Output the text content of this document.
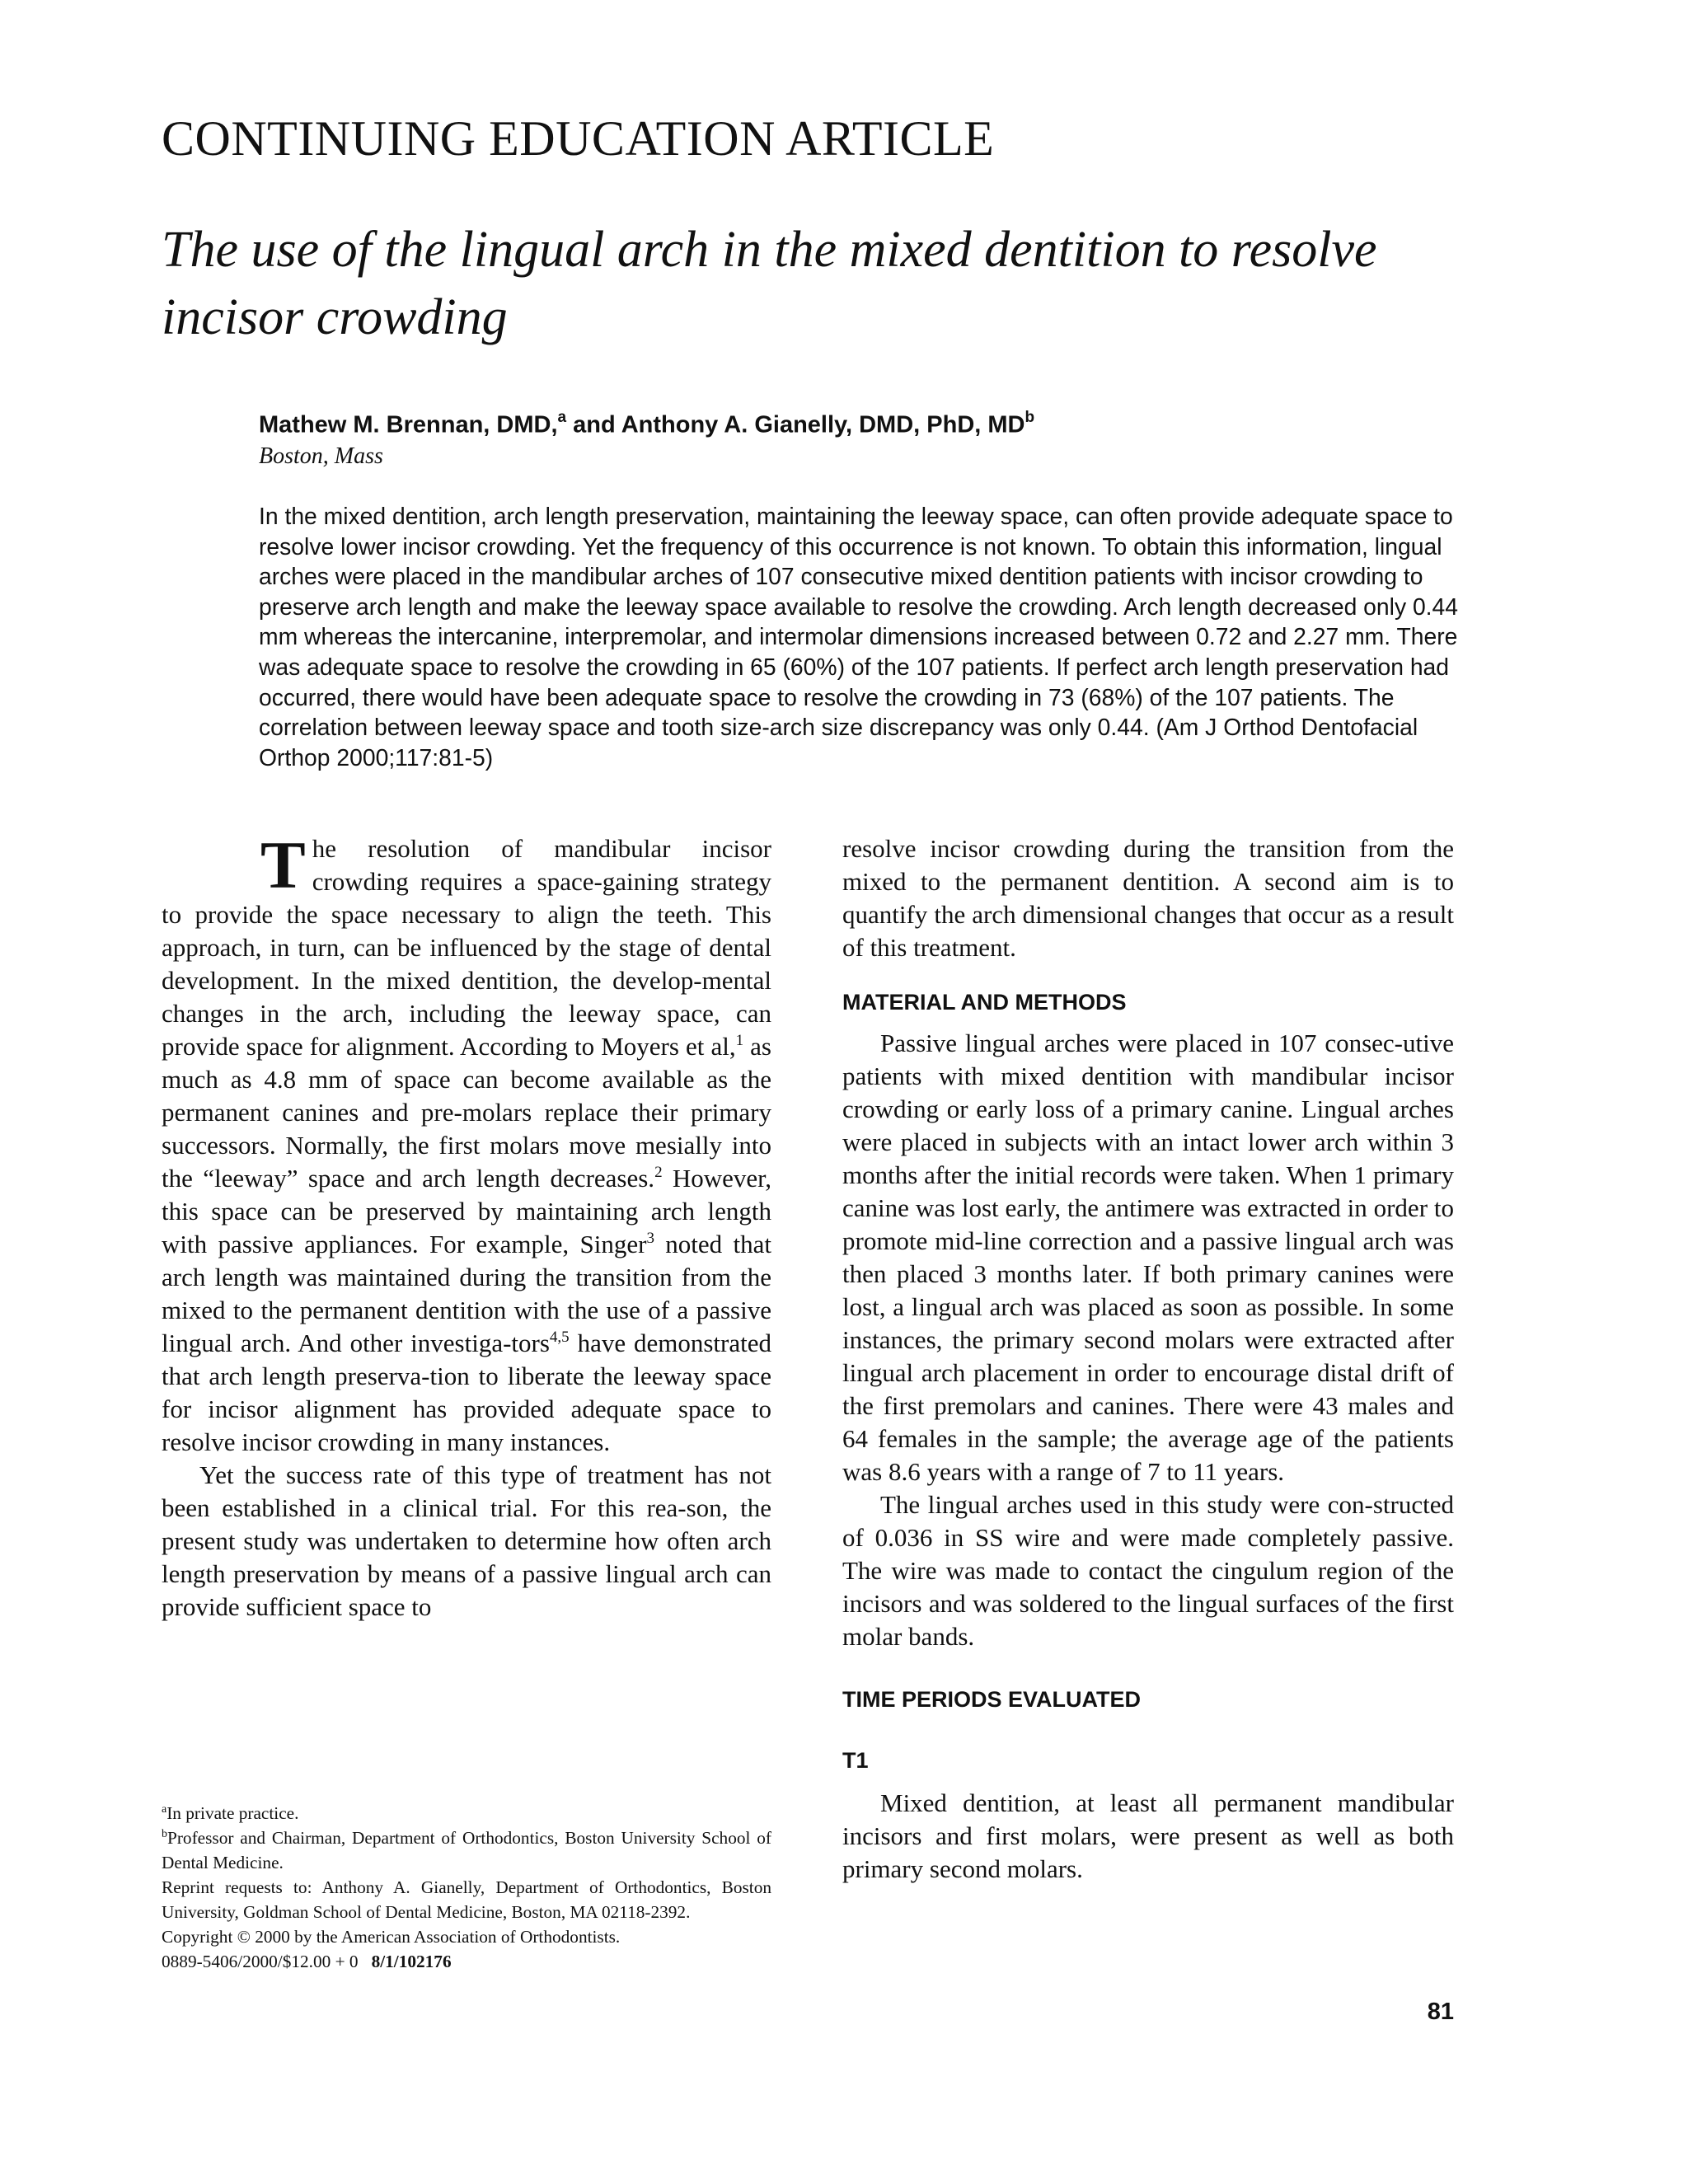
CONTINUING EDUCATION ARTICLE
The use of the lingual arch in the mixed dentition to resolve incisor crowding
Mathew M. Brennan, DMD,$^a$ and Anthony A. Gianelly, DMD, PhD, $MD^b$
Boston, Mass

In the mixed dentition, arch length preservation, maintaining the leeway space, can often provide adequate space to resolve lower incisor crowding. Yet the frequency of this occurrence is not known. To obtain this information, lingual arches were placed in the mandibular arches of 107 consecutive mixed dentition patients with incisor crowding to preserve arch length and make the leeway space available to resolve the crowding. Arch length decreased only 0.44 mm whereas the intercanine, interpremolar, and intermolar dimensions increased between 0.72 and 2.27 mm. There was adequate space to resolve the crowding in 65 (60%) of the 107 patients. If perfect arch length preservation had occurred, there would have been adequate space to resolve the crowding in 73 (68%) of the 107 patients. The correlation between leeway space and tooth size-arch size discrepancy was only 0.44. (Am J Orthod Dentofacial Orthop 2000;117:81-5)

The resolution of mandibular incisor crowding requires a space-gaining strategy to provide the space necessary to align the teeth. This approach, in turn, can be influenced by the stage of dental development. In the mixed dentition, the develop-mental changes in the arch, including the leeway space, can provide space for alignment. According to Moyers et al,$^1$ as much as 4.8 mm of space can become available as the permanent canines and pre-molars replace their primary successors. Normally, the first molars move mesially into the “leeway” space and arch length decreases.$^2$ However, this space can be preserved by maintaining arch length with passive appliances. For example, Singer$^3$ noted that arch length was maintained during the transition from the mixed to the permanent dentition with the use of a passive lingual arch. And other investiga-tors$^{4,5}$ have demonstrated that arch length preserva-tion to liberate the leeway space for incisor alignment has provided adequate space to resolve incisor crowding in many instances.

Yet the success rate of this type of treatment has not been established in a clinical trial. For this rea-son, the present study was undertaken to determine how often arch length preservation by means of a passive lingual arch can provide sufficient space to

resolve incisor crowding during the transition from the mixed to the permanent dentition. A second aim is to quantify the arch dimensional changes that occur as a result of this treatment.

MATERIAL AND METHODS

Passive lingual arches were placed in 107 consec-utive patients with mixed dentition with mandibular incisor crowding or early loss of a primary canine. Lingual arches were placed in subjects with an intact lower arch within 3 months after the initial records were taken. When 1 primary canine was lost early, the antimere was extracted in order to promote mid-line correction and a passive lingual arch was then placed 3 months later. If both primary canines were lost, a lingual arch was placed as soon as possible. In some instances, the primary second molars were extracted after lingual arch placement in order to encourage distal drift of the first premolars and canines. There were 43 males and 64 females in the sample; the average age of the patients was 8.6 years with a range of 7 to 11 years.

The lingual arches used in this study were con-structed of 0.036 in SS wire and were made completely passive. The wire was made to contact the cingulum region of the incisors and was soldered to the lingual surfaces of the first molar bands.

TIME PERIODS EVALUATED
T1

Mixed dentition, at least all permanent mandibular incisors and first molars, were present as well as both primary second molars.

$^a$In private practice.

$^b$Professor and Chairman, Department of Orthodontics, Boston University School of Dental Medicine.

Reprint requests to: Anthony A. Gianelly, Department of Orthodontics, Boston University, Goldman School of Dental Medicine, Boston, MA 02118-2392.

Copyright © 2000 by the American Association of Orthodontists.

0889-5406/2000/$12.00 + 0 8/1/102176

81
